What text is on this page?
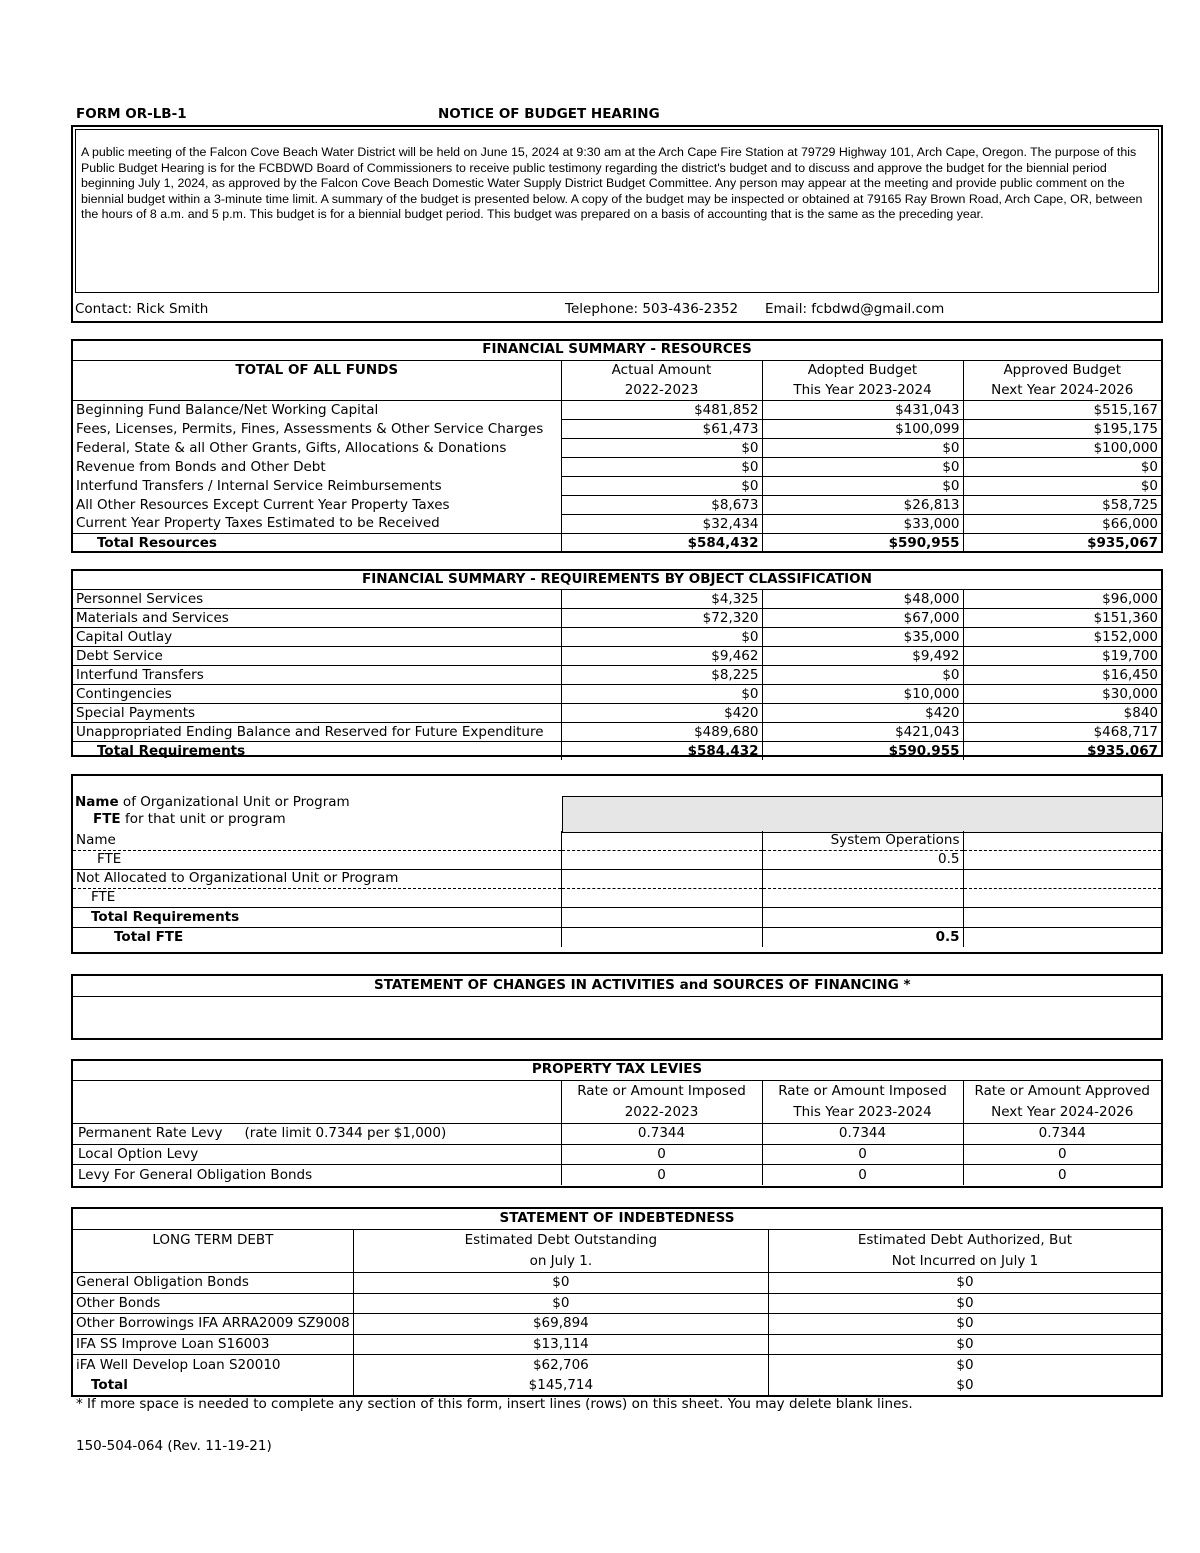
FORM OR-LB-1	NOTICE OF BUDGET HEARING
A public meeting of the Falcon Cove Beach Water District will be held on June 15, 2024 at 9:30 am at the Arch Cape Fire Station at 79729 Highway 101, Arch Cape, Oregon. The purpose of this Public Budget Hearing is for the FCBDWD Board of Commissioners to receive public testimony regarding the district's budget and to discuss and approve the budget for the biennial period beginning July 1, 2024, as approved by the Falcon Cove Beach Domestic Water Supply District Budget Committee. Any person may appear at the meeting and provide public comment on the biennial budget within a 3-minute time limit. A summary of the budget is presented below. A copy of the budget may be inspected or obtained at 79165 Ray Brown Road, Arch Cape, OR, between the hours of 8 a.m. and 5 p.m. This budget is for a biennial budget period. This budget was prepared on a basis of accounting that is the same as the preceding year.
Contact: Rick Smith	Telephone: 503-436-2352 Email: fcbdwd@gmail.com
FINANCIAL SUMMARY - RESOURCES
TOTAL OF ALL FUNDS	Actual Amount	Adopted Budget	Approved Budget
	2022-2023	This Year 2023-2024	Next Year 2024-2026
Beginning Fund Balance/Net Working Capital	$481,852	$431,043	$515,167
Fees, Licenses, Permits, Fines, Assessments & Other Service Charges	$61,473	$100,099	$195,175
Federal, State & all Other Grants, Gifts, Allocations & Donations	$0	$0	$100,000
Revenue from Bonds and Other Debt	$0	$0	$0
Interfund Transfers / Internal Service Reimbursements	$0	$0	$0
All Other Resources Except Current Year Property Taxes	$8,673	$26,813	$58,725
Current Year Property Taxes Estimated to be Received	$32,434	$33,000	$66,000
Total Resources	$584,432	$590,955	$935,067
FINANCIAL SUMMARY - REQUIREMENTS BY OBJECT CLASSIFICATION
Personnel Services	$4,325	$48,000	$96,000
Materials and Services	$72,320	$67,000	$151,360
Capital Outlay	$0	$35,000	$152,000
Debt Service	$9,462	$9,492	$19,700
Interfund Transfers	$8,225	$0	$16,450
Contingencies	$0	$10,000	$30,000
Special Payments	$420	$420	$840
Unappropriated Ending Balance and Reserved for Future Expenditure	$489,680	$421,043	$468,717
Total Requirements	$584,432	$590,955	$935,067
Name of Organizational Unit or Program
FTE for that unit or program
Name		System Operations	
FTE		0.5	
Not Allocated to Organizational Unit or Program			
FTE			
Total Requirements			
Total FTE		0.5	
STATEMENT OF CHANGES IN ACTIVITIES and SOURCES OF FINANCING *
PROPERTY TAX LEVIES
	Rate or Amount Imposed	Rate or Amount Imposed	Rate or Amount Approved
	2022-2023	This Year 2023-2024	Next Year 2024-2026
Permanent Rate Levy (rate limit 0.7344 per $1,000)	0.7344	0.7344	0.7344
Local Option Levy	0	0	0
Levy For General Obligation Bonds	0	0	0
STATEMENT OF INDEBTEDNESS
LONG TERM DEBT	Estimated Debt Outstanding	Estimated Debt Authorized, But
	on July 1.	Not Incurred on July 1
General Obligation Bonds	$0	$0
Other Bonds	$0	$0
Other Borrowings IFA ARRA2009 SZ9008	$69,894	$0
IFA SS Improve Loan S16003	$13,114	$0
iFA Well Develop Loan S20010	$62,706	$0
Total	$145,714	$0
* If more space is needed to complete any section of this form, insert lines (rows) on this sheet. You may delete blank lines.
150-504-064 (Rev. 11-19-21)
